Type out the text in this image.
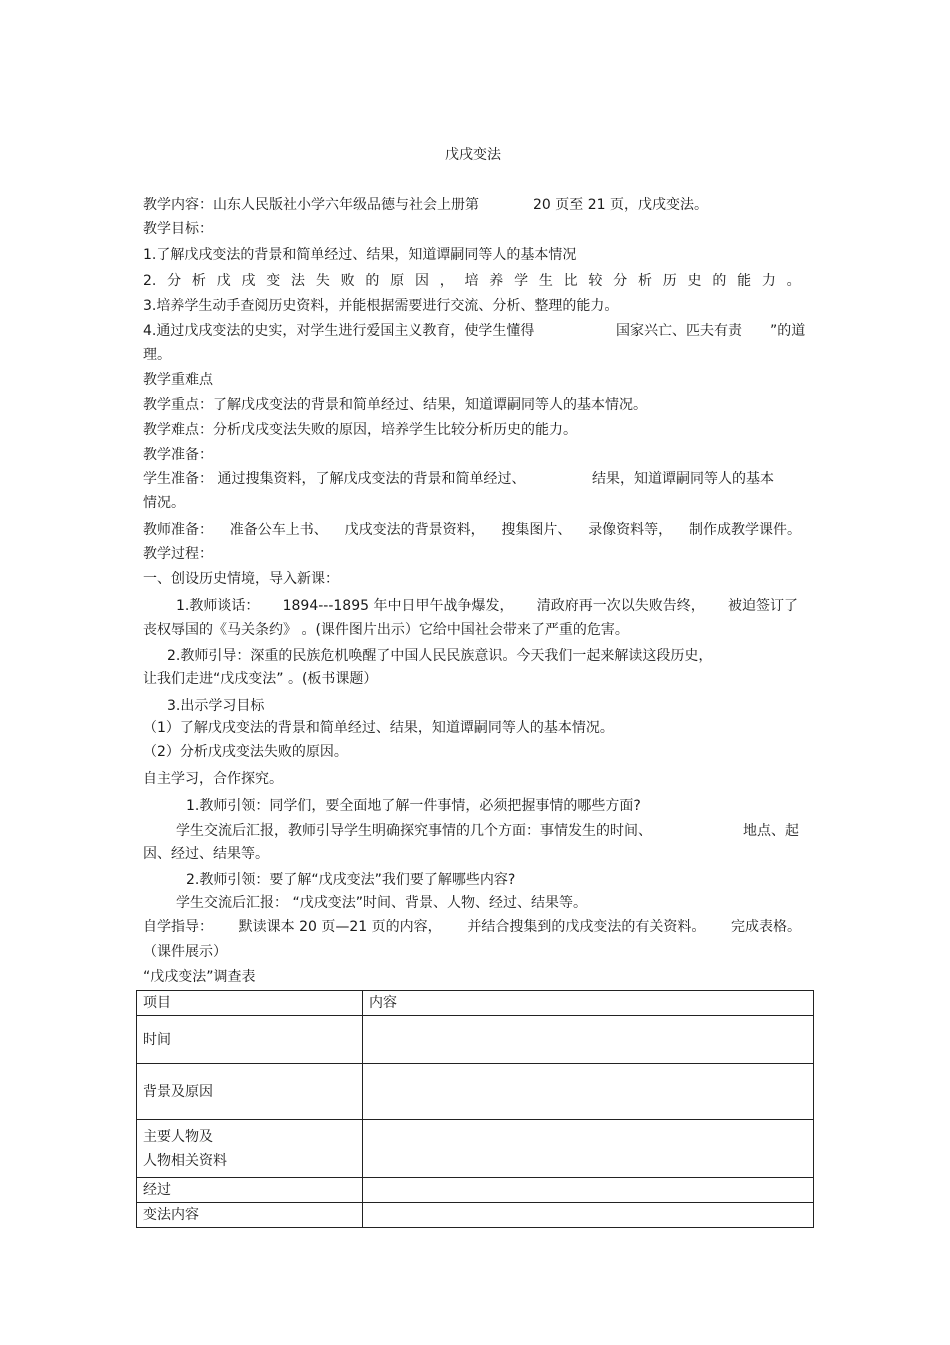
戊戌变法
教学内容：山东人民版社小学六年级品德与社会上册第	20 页至 21 页，戊戌变法。
教学目标：
1.了解戊戌变法的背景和简单经过、结果，知道谭嗣同等人的基本情况
2. 分 析 戊 戌 变 法 失 败 的 原 因 ， 培 养 学 生 比 较 分 析 历 史 的 能 力 。
3.培养学生动手查阅历史资料，并能根据需要进行交流、分析、整理的能力。
4.通过戊戌变法的史实，对学生进行爱国主义教育，使学生懂得	国家兴亡、匹夫有责 ”的道
理。
教学重难点
教学重点：了解戊戌变法的背景和简单经过、结果，知道谭嗣同等人的基本情况。
教学难点：分析戊戌变法失败的原因，培养学生比较分析历史的能力。
教学准备：
学生准备： 通过搜集资料，了解戊戌变法的背景和简单经过、	结果，知道谭嗣同等人的基本
情况。
教师准备： 准备公车上书、 戊戌变法的背景资料， 搜集图片、 录像资料等， 制作成教学课件。
教学过程：
一、创设历史情境，导入新课：
1.教师谈话： 1894---1895 年中日甲午战争爆发， 清政府再一次以失败告终， 被迫签订了
丧权辱国的《马关条约》 。(课件图片出示）它给中国社会带来了严重的危害。
2.教师引导：深重的民族危机唤醒了中国人民民族意识。今天我们一起来解读这段历史，
让我们走进“戊戌变法” 。(板书课题）
3.出示学习目标
（1）了解戊戌变法的背景和简单经过、结果，知道谭嗣同等人的基本情况。
（2）分析戊戌变法失败的原因。
自主学习，合作探究。
1.教师引领：同学们，要全面地了解一件事情，必须把握事情的哪些方面?
学生交流后汇报，教师引导学生明确探究事情的几个方面：事情发生的时间、	地点、起
因、经过、结果等。
2.教师引领：要了解“戊戌变法”我们要了解哪些内容?
学生交流后汇报： “戊戌变法”时间、背景、人物、经过、结果等。
自学指导： 默读课本 20 页—21 页的内容， 并结合搜集到的戊戌变法的有关资料。 完成表格。
（课件展示）
“戊戌变法”调查表
项目	内容
时间	
背景及原因	

主要人物及
人物相关资料	

经过	
变法内容	
